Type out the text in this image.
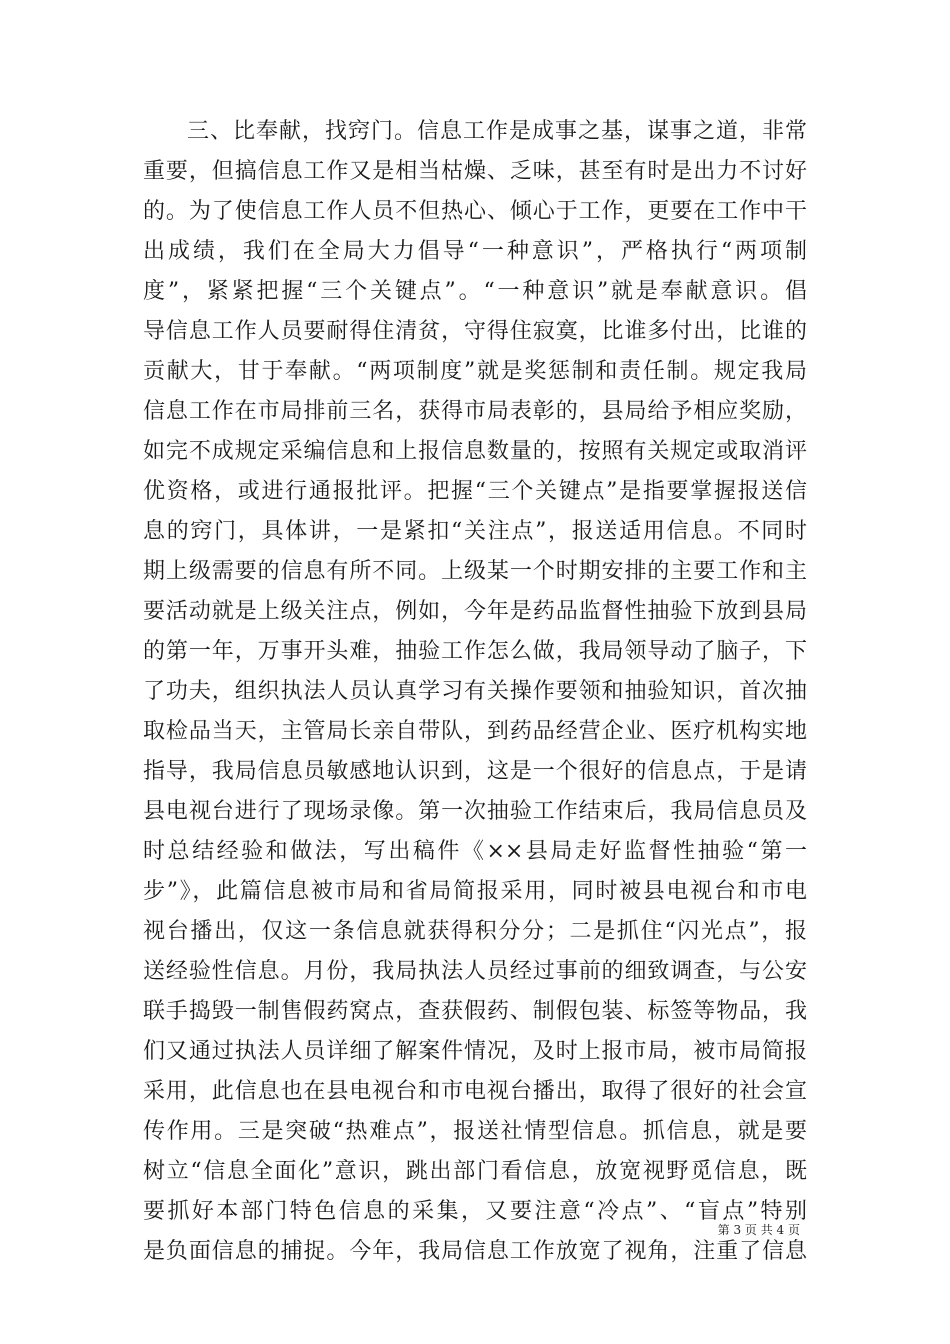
三、比奉献，找窍门。信息工作是成事之基，谋事之道，非常
重要，但搞信息工作又是相当枯燥、乏味，甚至有时是出力不讨好
的。为了使信息工作人员不但热心、倾心于工作，更要在工作中干
出成绩，我们在全局大力倡导“一种意识”，严格执行“两项制
度”，紧紧把握“三个关键点”。“一种意识”就是奉献意识。倡
导信息工作人员要耐得住清贫，守得住寂寞，比谁多付出，比谁的
贡献大，甘于奉献。“两项制度”就是奖惩制和责任制。规定我局
信息工作在市局排前三名，获得市局表彰的，县局给予相应奖励，
如完不成规定采编信息和上报信息数量的，按照有关规定或取消评
优资格，或进行通报批评。把握“三个关键点”是指要掌握报送信
息的窍门，具体讲，一是紧扣“关注点”，报送适用信息。不同时
期上级需要的信息有所不同。上级某一个时期安排的主要工作和主
要活动就是上级关注点，例如，今年是药品监督性抽验下放到县局
的第一年，万事开头难，抽验工作怎么做，我局领导动了脑子，下
了功夫，组织执法人员认真学习有关操作要领和抽验知识，首次抽
取检品当天，主管局长亲自带队，到药品经营企业、医疗机构实地
指导，我局信息员敏感地认识到，这是一个很好的信息点，于是请
县电视台进行了现场录像。第一次抽验工作结束后，我局信息员及
时总结经验和做法，写出稿件《××县局走好监督性抽验“第一
步”》，此篇信息被市局和省局简报采用，同时被县电视台和市电
视台播出，仅这一条信息就获得积分分；二是抓住“闪光点”，报
送经验性信息。月份，我局执法人员经过事前的细致调查，与公安
联手捣毁一制售假药窝点，查获假药、制假包装、标签等物品，我
们又通过执法人员详细了解案件情况，及时上报市局，被市局简报
采用，此信息也在县电视台和市电视台播出，取得了很好的社会宣
传作用。三是突破“热难点”，报送社情型信息。抓信息，就是要
树立“信息全面化”意识，跳出部门看信息，放宽视野觅信息，既
要抓好本部门特色信息的采集，又要注意“冷点”、“盲点”特别
是负面信息的捕捉。今年，我局信息工作放宽了视角，注重了信息
第 3 页 共 4 页
